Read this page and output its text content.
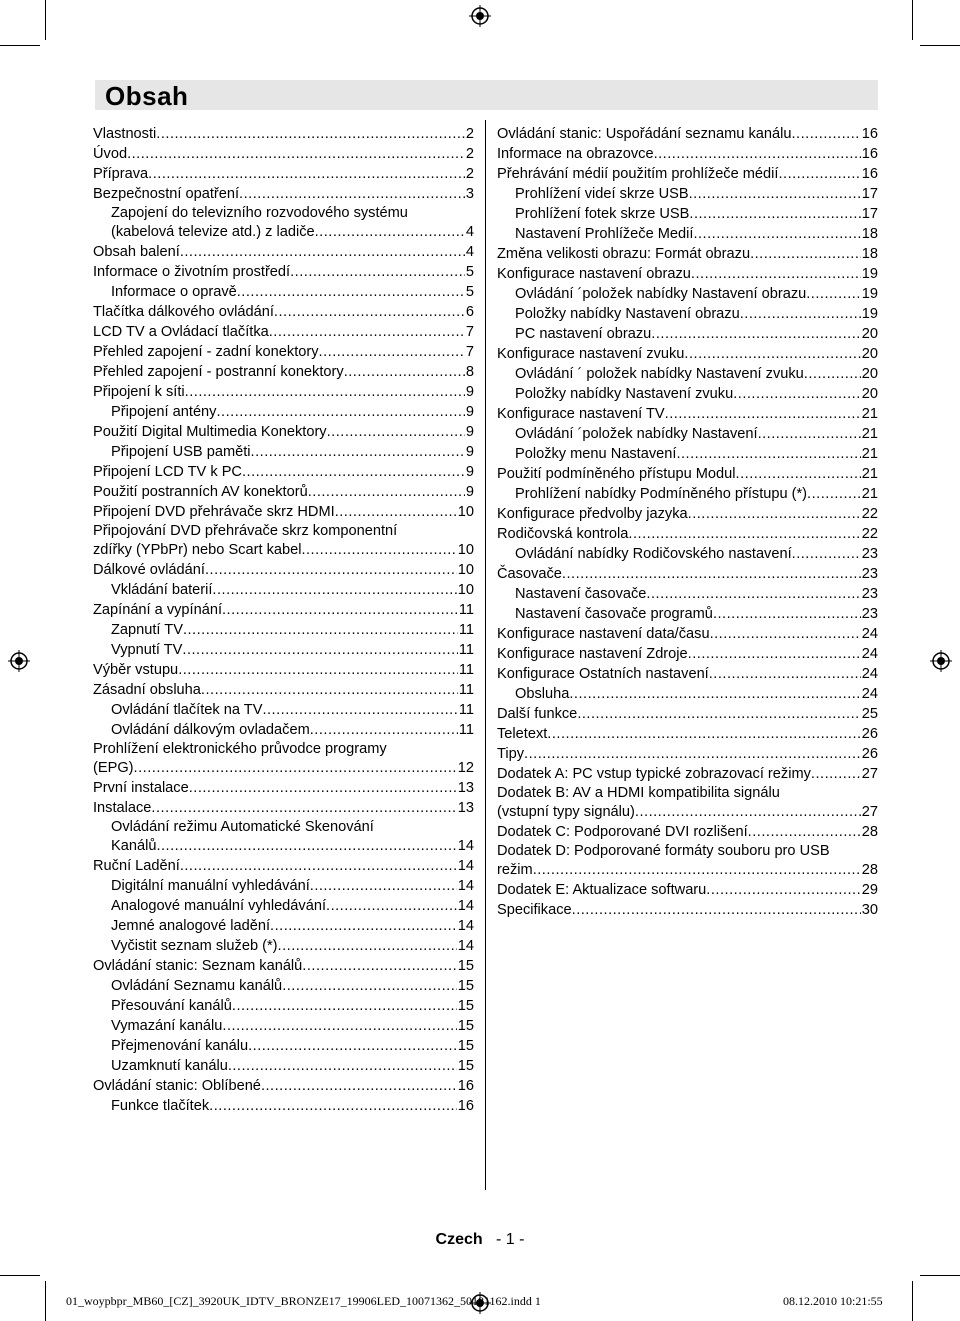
Obsah
Vlastnosti .....	2
Úvod .....	2
Příprava .....	2
Bezpečnostní opatření .....	3
Zapojení do televizního rozvodového systému
(kabelová televize atd.) z ladiče .....	4
Obsah balení .....	4
Informace o životním prostředí .....	5
Informace o opravě .....	5
Tlačítka dálkového ovládání .....	6
LCD TV a Ovládací tlačítka .....	7
Přehled zapojení - zadní konektory .....	7
Přehled zapojení - postranní konektory .....	8
Připojení k síti .....	9
Připojení antény .....	9
Použití Digital Multimedia Konektory .....	9
Připojení USB paměti .....	9
Připojení LCD TV k PC .....	9
Použití postranních AV konektorů .....	9
Připojení DVD přehrávače skrz HDMI .....	10
Připojování DVD přehrávače skrz komponentní
zdířky (YPbPr) nebo Scart kabel .....	10
Dálkové ovládání .....	10
Vkládání baterií .....	10
Zapínání a vypínání .....	11
Zapnutí TV .....	11
Vypnutí TV .....	11
Výběr vstupu .....	11
Zásadní obsluha .....	11
Ovládání tlačítek na TV .....	11
Ovládání dálkovým ovladačem .....	11
Prohlížení elektronického průvodce programy
(EPG) .....	12
První instalace .....	13
Instalace .....	13
Ovládání režimu Automatické Skenování
Kanálů .....	14
Ruční Ladění .....	14
Digitální manuální vyhledávání .....	14
Analogové manuální vyhledávání .....	14
Jemné analogové ladění .....	14
Vyčistit seznam služeb (*) .....	14
Ovládání stanic: Seznam kanálů .....	15
Ovládání Seznamu kanálů .....	15
Přesouvání kanálů .....	15
Vymazání kanálu .....	15
Přejmenování kanálu .....	15
Uzamknutí kanálu .....	15
Ovládání stanic: Oblíbené .....	16
Funkce tlačítek .....	16
Ovládání stanic: Uspořádání seznamu kanálu .....	16
Informace na obrazovce .....	16
Přehrávání médií použitím prohlížeče médií .....	16
Prohlížení videí skrze USB .....	17
Prohlížení fotek skrze USB .....	17
Nastavení Prohlížeče Medií .....	18
Změna velikosti obrazu: Formát obrazu .....	18
Konfigurace nastavení obrazu .....	19
Ovládání ´položek nabídky Nastavení obrazu .....	19
Položky nabídky Nastavení obrazu .....	19
PC nastavení obrazu .....	20
Konfigurace nastavení zvuku .....	20
Ovládání ´ položek nabídky Nastavení zvuku .....	20
Položky nabídky Nastavení zvuku .....	20
Konfigurace nastavení TV .....	21
Ovládání ´položek nabídky Nastavení .....	21
Položky menu Nastavení .....	21
Použití podmíněného přístupu Modul .....	21
Prohlížení nabídky Podmíněného přístupu (*) .....	21
Konfigurace předvolby jazyka .....	22
Rodičovská kontrola .....	22
Ovládání nabídky Rodičovského nastavení .....	23
Časovače .....	23
Nastavení časovače .....	23
Nastavení časovače programů .....	23
Konfigurace nastavení data/času .....	24
Konfigurace nastavení Zdroje .....	24
Konfigurace Ostatních nastavení .....	24
Obsluha .....	24
Další funkce .....	25
Teletext .....	26
Tipy .....	26
Dodatek A: PC vstup typické zobrazovací režimy .....	27
Dodatek B: AV a HDMI kompatibilita signálu
(vstupní typy signálu) .....	27
Dodatek C: Podporované DVI rozlišení .....	28
Dodatek D: Podporované formáty souboru pro USB
režim .....	28
Dodatek E: Aktualizace softwaru .....	29
Specifikace .....	30
Czech - 1 -
01_woypbpr_MB60_[CZ]_3920UK_IDTV_BRONZE17_19906LED_10071362_50181162.indd 1	08.12.2010 10:21:55
